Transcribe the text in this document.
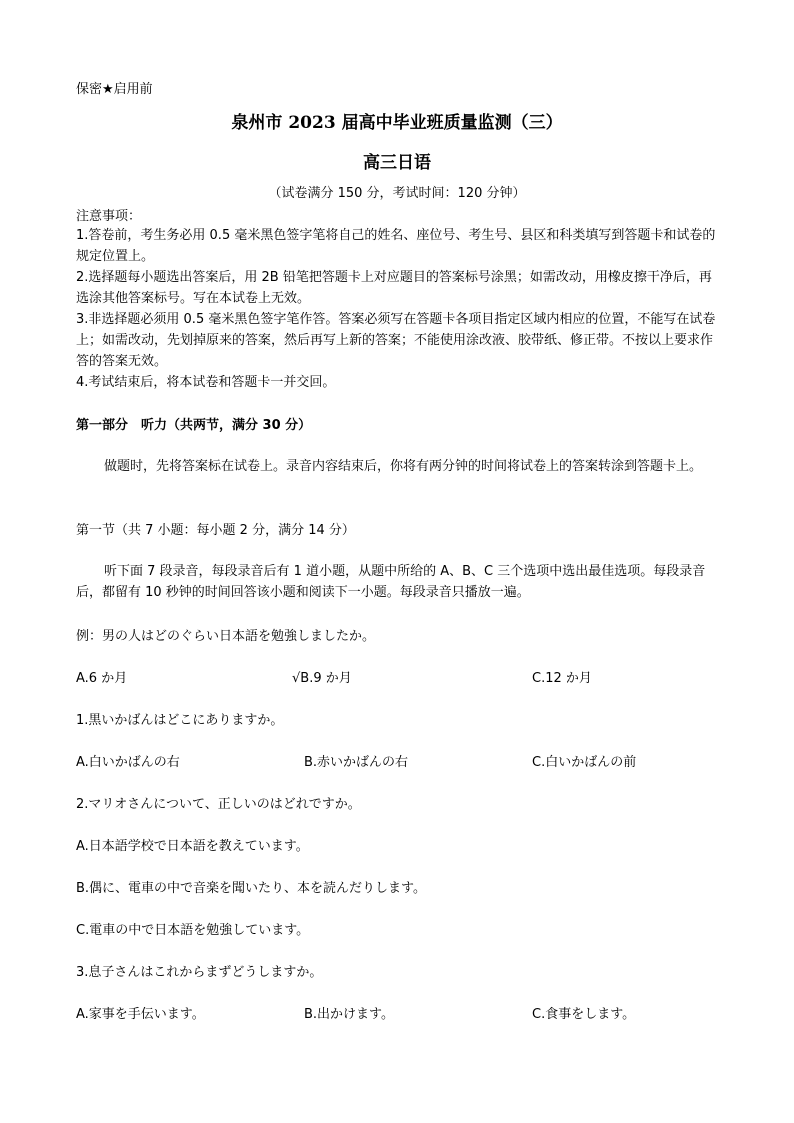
保密★启用前
泉州市 2023 届高中毕业班质量监测（三）
高三日语
（试卷满分 150 分，考试时间：120 分钟）
注意事项：
1.答卷前，考生务必用 0.5 毫米黑色签字笔将自己的姓名、座位号、考生号、县区和科类填写到答题卡和试卷的规定位置上。
2.选择题每小题选出答案后，用 2B 铅笔把答题卡上对应题目的答案标号涂黑；如需改动，用橡皮擦干净后，再选涂其他答案标号。写在本试卷上无效。
3.非选择题必须用 0.5 毫米黑色签字笔作答。答案必须写在答题卡各项目指定区域内相应的位置，不能写在试卷上；如需改动，先划掉原来的答案，然后再写上新的答案；不能使用涂改液、胶带纸、修正带。不按以上要求作答的答案无效。
4.考试结束后，将本试卷和答题卡一并交回。
第一部分　听力（共两节，满分 30 分）
做题时，先将答案标在试卷上。录音内容结束后，你将有两分钟的时间将试卷上的答案转涂到答题卡上。
第一节（共 7 小题：每小题 2 分，满分 14 分）
听下面 7 段录音，每段录音后有 1 道小题，从题中所给的 A、B、C 三个选项中选出最佳选项。每段录音后，都留有 10 秒钟的时间回答该小题和阅读下一小题。每段录音只播放一遍。
例：男の人はどのぐらい日本語を勉強しましたか。
A.6 か月	√B.9 か月	C.12 か月
1.黒いかばんはどこにありますか。
A.白いかばんの右	B.赤いかばんの右	C.白いかばんの前
2.マリオさんについて、正しいのはどれですか。
A.日本語学校で日本語を教えています。
B.偶に、電車の中で音楽を聞いたり、本を読んだりします。
C.電車の中で日本語を勉強しています。
3.息子さんはこれからまずどうしますか。
A.家事を手伝います。	B.出かけます。	C.食事をします。
